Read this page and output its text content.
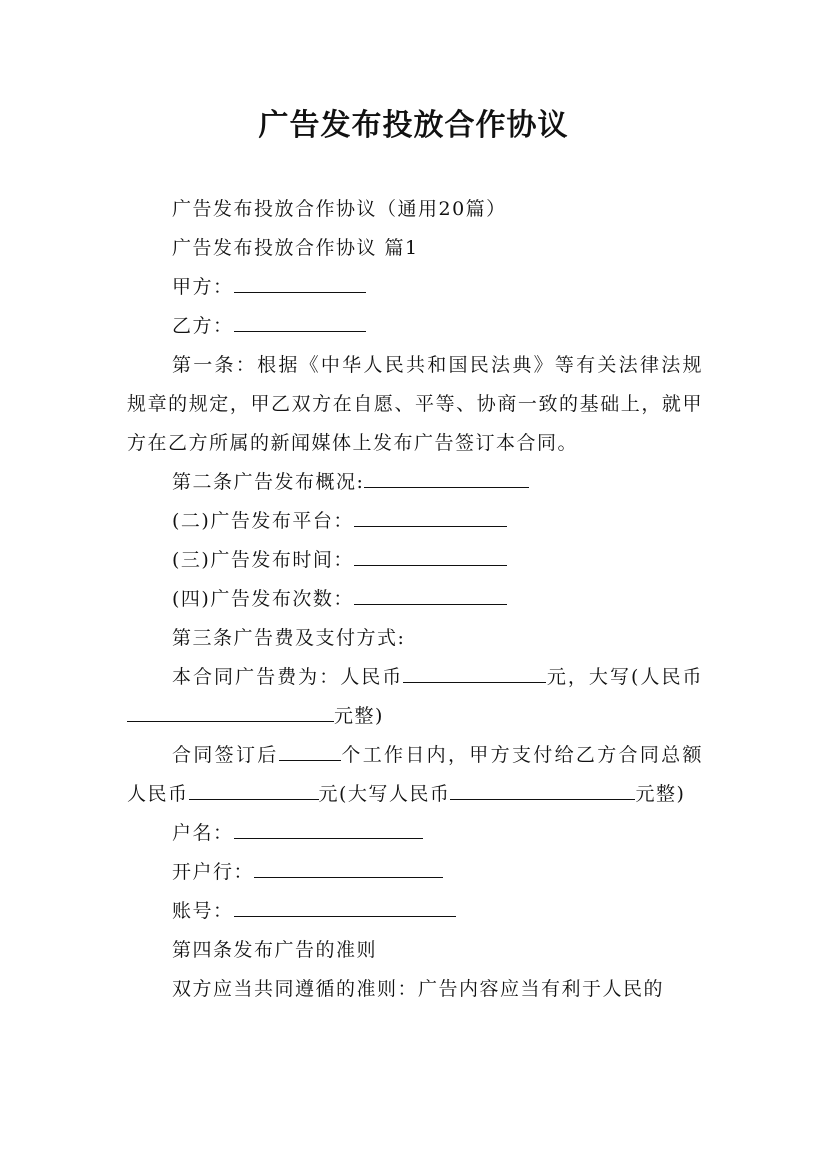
广告发布投放合作协议

广告发布投放合作协议（通用20篇）

广告发布投放合作协议 篇1

甲方：

乙方：

第一条：根据《中华人民共和国民法典》等有关法律法规规章的规定，甲乙双方在自愿、平等、协商一致的基础上，就甲方在乙方所属的新闻媒体上发布广告签订本合同。

第二条广告发布概况:

(二)广告发布平台：

(三)广告发布时间：

(四)广告发布次数：

第三条广告费及支付方式:

本合同广告费为：人民币	元，大写(人民币元整)

合同签订后	个工作日内，甲方支付给乙方合同总额人民币	元(大写人民币	元整)

户名：

开户行：

账号：

第四条发布广告的准则

双方应当共同遵循的准则：广告内容应当有利于人民的
